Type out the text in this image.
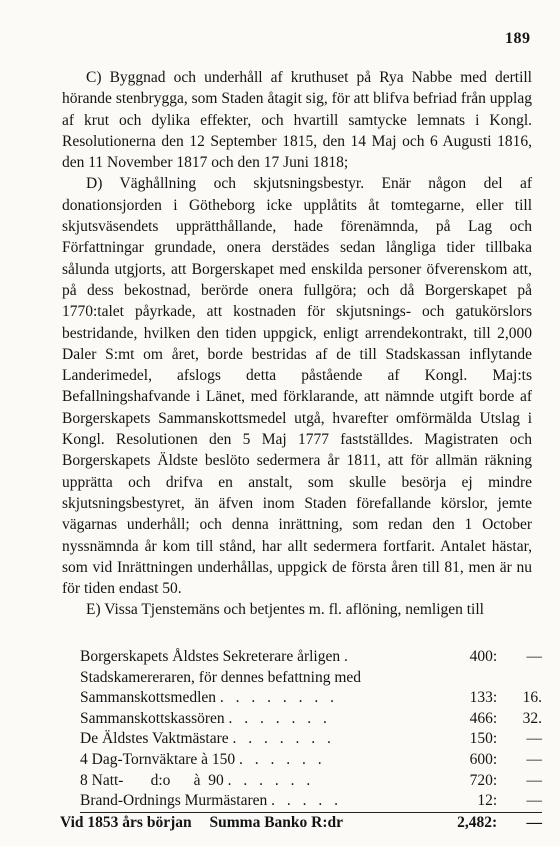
189

C) Byggnad och underhåll af kruthuset på Rya Nabbe med dertill hörande stenbrygga, som Staden åtagit sig, för att blifva befriad från upplag af krut och dylika effekter, och hvartill samtycke lemnats i Kongl. Resolutionerna den 12 September 1815, den 14 Maj och 6 Augusti 1816, den 11 November 1817 och den 17 Juni 1818;

D) Väghållning och skjutsningsbestyr. Enär någon del af donationsjorden i Götheborg icke upplåtits åt tomtegarne, eller till skjutsväsendets upprätthållande, hade förenämnda, på Lag och Författningar grundade, onera derstädes sedan långliga tider tillbaka sålunda utgjorts, att Borgerskapet med enskilda personer öfverenskom att, på dess bekostnad, berörde onera fullgöra; och då Borgerskapet på 1770:talet påyrkade, att kostnaden för skjutsnings- och gatukörslors bestridande, hvilken den tiden uppgick, enligt arrendekontrakt, till 2,000 Daler S:mt om året, borde bestridas af de till Stadskassan inflytande Landerimedel, afslogs detta påstående af Kongl. Maj:ts Befallningshafvande i Länet, med förklarande, att nämnde utgift borde af Borgerskapets Sammanskottsmedel utgå, hvarefter omförmälda Utslag i Kongl. Resolutionen den 5 Maj 1777 fastställdes. Magistraten och Borgerskapets Äldste beslöto sedermera år 1811, att för allmän räkning upprätta och drifva en anstalt, som skulle besörja ej mindre skjutsningsbestyret, än äfven inom Staden förefallande körslor, jemte vägarnas underhåll; och denna inrättning, som redan den 1 October nyssnämnda år kom till stånd, har allt sedermera fortfarit. Antalet hästar, som vid Inrättningen underhållas, uppgick de första åren till 81, men är nu för tiden endast 50.

E) Vissa Tjenstemäns och betjentes m. fl. aflöning, nemligen till

Borgerskapets Åldstes Sekreterare årligen .	400:	—
Stadskamereraren, för dennes befattning med		
Sammanskottsmedlen . . . . . . . .	133:	16.
Sammanskottskassören . . . . . . .	466:	32.
De Äldstes Vaktmästare . . . . . . .	150:	—
4 Dag-Tornväktare à 150 . . . . . .	600:	—
8 Natt-       d:o      à  90 . . . . . .	720:	—
Brand-Ordnings Murmästaren . . . . .	12:	—
Vid 1853 års början Summa Banko R:dr	2,482:	—
